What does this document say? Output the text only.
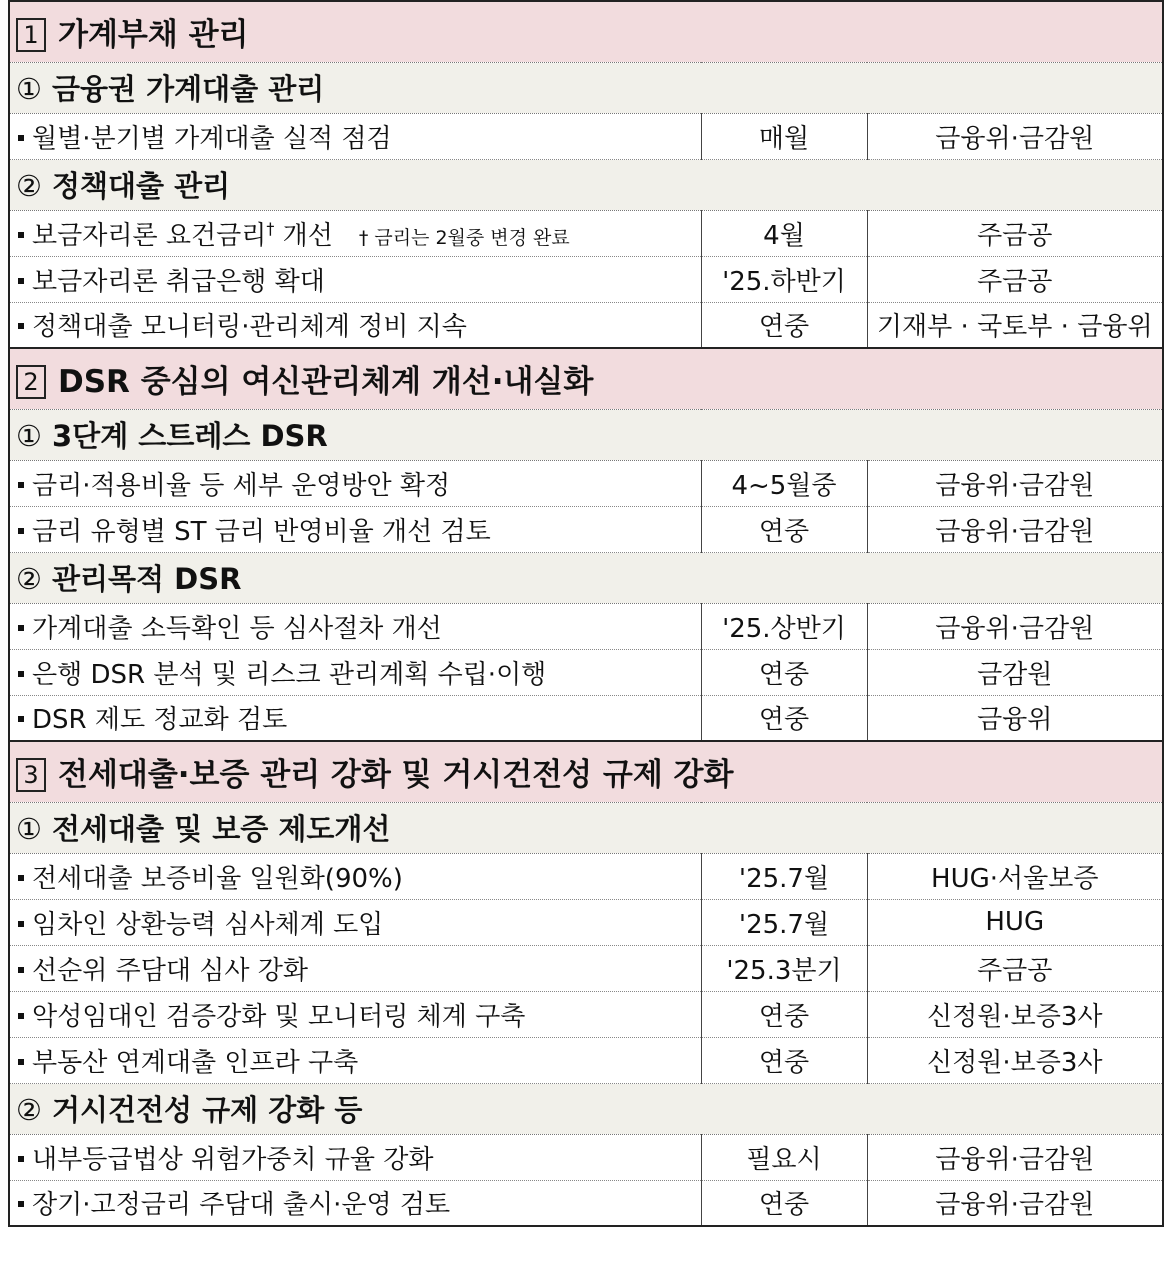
1 가계부채 관리		
① 금융권 가계대출 관리		
월별·분기별 가계대출 실적 점검	매월	금융위·금감원
② 정책대출 관리		
보금자리론 요건금리† 개선 † 금리는 2월중 변경 완료	4월	주금공
보금자리론 취급은행 확대	'25.하반기	주금공
정책대출 모니터링·관리체계 정비 지속	연중	기재부 · 국토부 · 금융위
2 DSR 중심의 여신관리체계 개선·내실화		
① 3단계 스트레스 DSR		
금리·적용비율 등 세부 운영방안 확정	4~5월중	금융위·금감원
금리 유형별 ST 금리 반영비율 개선 검토	연중	금융위·금감원
② 관리목적 DSR		
가계대출 소득확인 등 심사절차 개선	'25.상반기	금융위·금감원
은행 DSR 분석 및 리스크 관리계획 수립·이행	연중	금감원
DSR 제도 정교화 검토	연중	금융위
3 전세대출·보증 관리 강화 및 거시건전성 규제 강화		
① 전세대출 및 보증 제도개선		
전세대출 보증비율 일원화(90%)	'25.7월	HUG·서울보증
임차인 상환능력 심사체계 도입	'25.7월	HUG
선순위 주담대 심사 강화	'25.3분기	주금공
악성임대인 검증강화 및 모니터링 체계 구축	연중	신정원·보증3사
부동산 연계대출 인프라 구축	연중	신정원·보증3사
② 거시건전성 규제 강화 등		
내부등급법상 위험가중치 규율 강화	필요시	금융위·금감원
장기·고정금리 주담대 출시·운영 검토	연중	금융위·금감원
